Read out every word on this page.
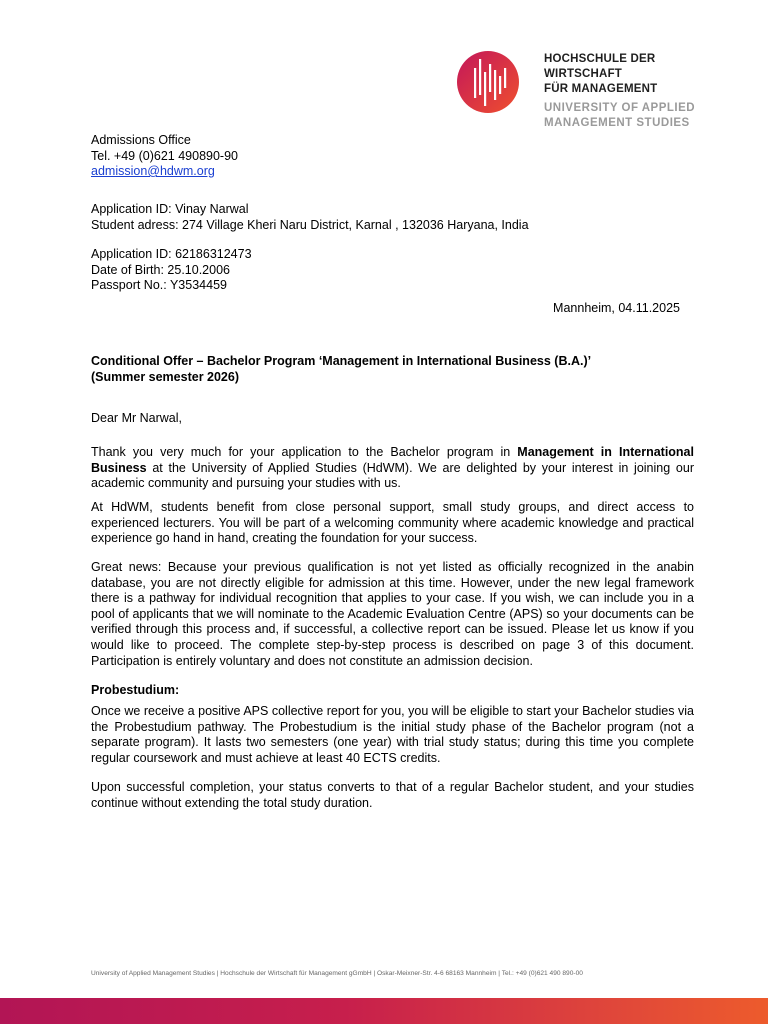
HOCHSCHULE DER WIRTSCHAFT
FÜR MANAGEMENT
UNIVERSITY OF APPLIED
MANAGEMENT STUDIES
Admissions Office
Tel. +49 (0)621 490890-90
admission@hdwm.org
Application ID: Vinay Narwal
Student adress: 274 Village Kheri Naru District, Karnal , 132036 Haryana, India
Application ID: 62186312473
Date of Birth: 25.10.2006
Passport No.: Y3534459
Mannheim, 04.11.2025
Conditional Offer – Bachelor Program ‘Management in International Business (B.A.)’
(Summer semester 2026)
Dear Mr Narwal,
Thank you very much for your application to the Bachelor program in Management in International Business at the University of Applied Studies (HdWM). We are delighted by your interest in joining our academic community and pursuing your studies with us.
At HdWM, students benefit from close personal support, small study groups, and direct access to experienced lecturers. You will be part of a welcoming community where academic knowledge and practical experience go hand in hand, creating the foundation for your success.
Great news: Because your previous qualification is not yet listed as officially recognized in the anabin database, you are not directly eligible for admission at this time. However, under the new legal framework there is a pathway for individual recognition that applies to your case. If you wish, we can include you in a pool of applicants that we will nominate to the Academic Evaluation Centre (APS) so your documents can be verified through this process and, if successful, a collective report can be issued. Please let us know if you would like to proceed. The complete step-by-step process is described on page 3 of this document. Participation is entirely voluntary and does not constitute an admission decision.
Probestudium:
Once we receive a positive APS collective report for you, you will be eligible to start your Bachelor studies via the Probestudium pathway. The Probestudium is the initial study phase of the Bachelor program (not a separate program). It lasts two semesters (one year) with trial study status; during this time you complete regular coursework and must achieve at least 40 ECTS credits.
Upon successful completion, your status converts to that of a regular Bachelor student, and your studies continue without extending the total study duration.
University of Applied Management Studies | Hochschule der Wirtschaft für Management gGmbH | Oskar-Meixner-Str. 4-6 68163 Mannheim | Tel.: +49 (0)621 490 890-00
